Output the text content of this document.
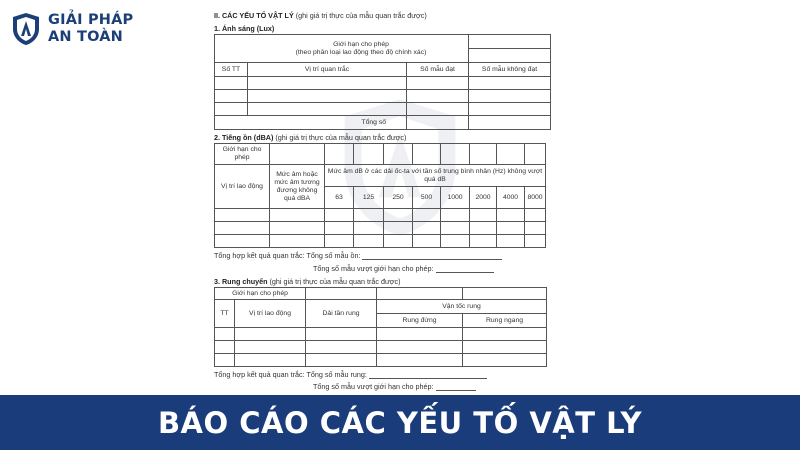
GIẢI PHÁP
AN TOÀN
II. CÁC YẾU TỐ VẬT LÝ (ghi giá trị thực của mẫu quan trắc được)
1. Ánh sáng (Lux)
Giới hạn cho phép
(theo phân loại lao động theo độ chính xác)			

Số TT	Vị trí quan trắc	Số mẫu đạt	Số mẫu không đạt

Tổng số			
2. Tiếng ồn (dBA) (ghi giá trị thực của mẫu quan trắc được)
Giới hạn cho phép									
Vị trí lao động	Mức âm hoặc mức âm tương đương không quá dBA	Mức âm dB ở các dải ốc-ta với tần số trung bình nhân (Hz) không vượt quá dB							
		63	125	250	500	1000	2000	4000	8000

Tổng hợp kết quả quan trắc: Tổng số mẫu ồn:
Tổng số mẫu vượt giới hạn cho phép:
3. Rung chuyển (ghi giá trị thực của mẫu quan trắc được)
Giới hạn cho phép				
TT	Vị trí lao động	Dải tần rung	Vận tốc rung	
			Rung đứng	Rung ngang

Tổng hợp kết quả quan trắc: Tổng số mẫu rung:
Tổng số mẫu vượt giới hạn cho phép:
BÁO CÁO CÁC YẾU TỐ VẬT LÝ
